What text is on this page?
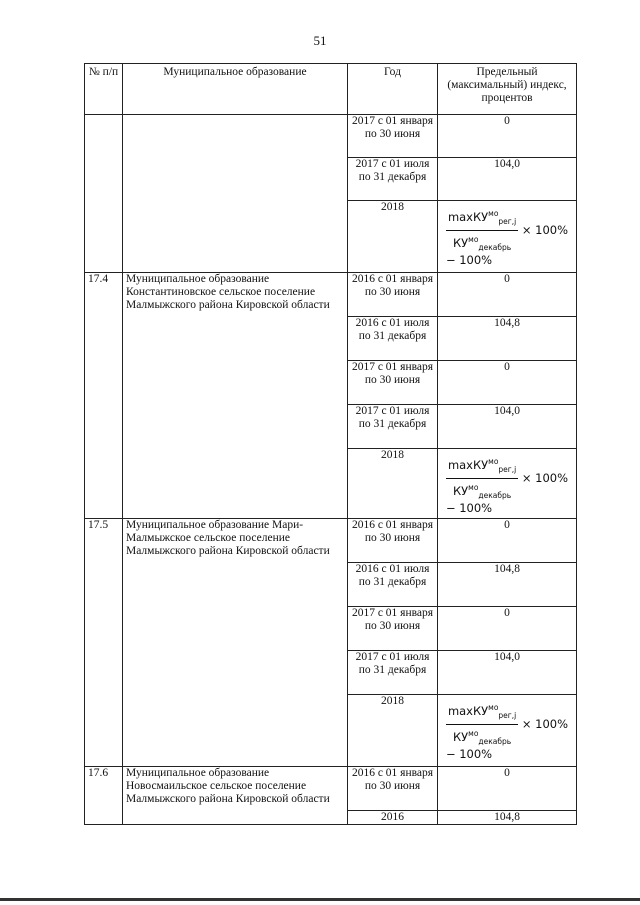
51
№ п/п	Муниципальное образование	Год	Предельный (максимальный) индекс, процентов
		2017 с 01 января по 30 июня	0
		2017 с 01 июля по 31 декабря	104,0
		2018	$\frac{\max КУ^{мо}_{рег,j}}{КУ^{мо}_{декабрь}} \times 100\%$
− 100%

17.4	Муниципальное образование Константиновское сельское поселение Малмыжского района Кировской области	2016 с 01 января по 30 июня	0
		2016 с 01 июля по 31 декабря	104,8
		2017 с 01 января по 30 июня	0
		2017 с 01 июля по 31 декабря	104,0
		2018	$\frac{\max КУ^{мо}_{рег,j}}{КУ^{мо}_{декабрь}} \times 100\%$
− 100%

17.5	Муниципальное образование Мари-Малмыжское сельское поселение Малмыжского района Кировской области	2016 с 01 января по 30 июня	0
		2016 с 01 июля по 31 декабря	104,8
		2017 с 01 января по 30 июня	0
		2017 с 01 июля по 31 декабря	104,0
		2018	$\frac{\max КУ^{мо}_{рег,j}}{КУ^{мо}_{декабрь}} \times 100\%$
− 100%

17.6	Муниципальное образование Новосмаильское сельское поселение Малмыжского района Кировской области	2016 с 01 января по 30 июня	0
		2016	104,8
